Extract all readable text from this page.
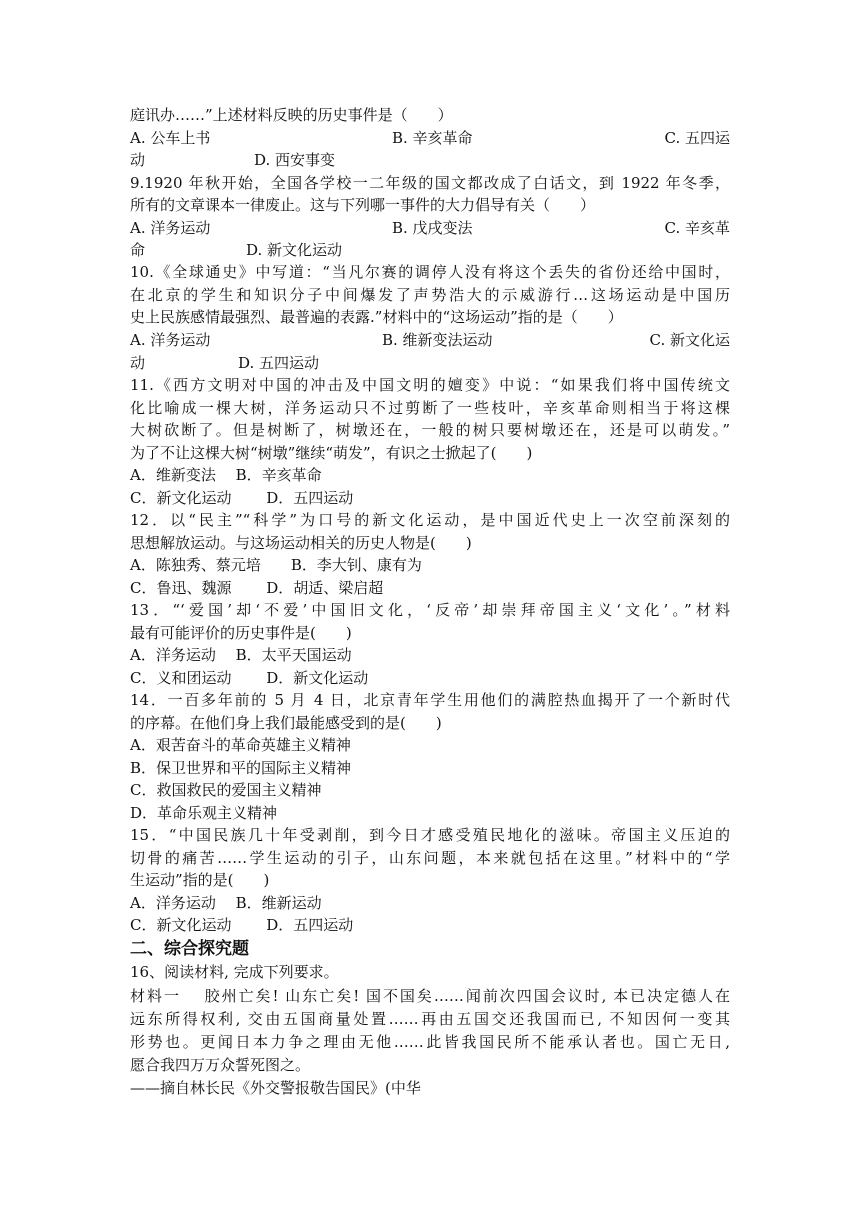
庭讯办……”上述材料反映的历史事件是（　　）
A. 公车上书	B. 辛亥革命	C. 五四运
动	D. 西安事变
9.1920 年秋开始，全国各学校一二年级的国文都改成了白话文，到 1922 年冬季，
所有的文章课本一律废止。这与下列哪一事件的大力倡导有关（　　）
A. 洋务运动	B. 戊戌变法	C. 辛亥革
命	D. 新文化运动
10.《全球通史》中写道：“当凡尔赛的调停人没有将这个丢失的省份还给中国时，
在北京的学生和知识分子中间爆发了声势浩大的示威游行…这场运动是中国历
史上民族感情最强烈、最普遍的表露.”材料中的“这场运动”指的是（　　）
A. 洋务运动	B. 维新变法运动	C. 新文化运
动	D. 五四运动
11.《西方文明对中国的冲击及中国文明的嬗变》中说：“如果我们将中国传统文
化比喻成一棵大树，洋务运动只不过剪断了一些枝叶，辛亥革命则相当于将这棵
大树砍断了。但是树断了，树墩还在，一般的树只要树墩还在，还是可以萌发。”
为了不让这棵大树“树墩”继续“萌发”，有识之士掀起了(　　)
A．维新变法　 B．辛亥革命
C．新文化运动　　 D．五四运动
12．以“民主”“科学”为口号的新文化运动，是中国近代史上一次空前深刻的
思想解放运动。与这场运动相关的历史人物是(　　)
A．陈独秀、蔡元培　　B．李大钊、康有为
C．鲁迅、魏源　　 D．胡适、梁启超
13．“‘爱国’却‘不爱’中国旧文化，‘反帝’却崇拜帝国主义‘文化’。”材料
最有可能评价的历史事件是(　　)
A．洋务运动　 B．太平天国运动
C．义和团运动　　 D．新文化运动
14．一百多年前的 5 月 4 日，北京青年学生用他们的满腔热血揭开了一个新时代
的序幕。在他们身上我们最能感受到的是(　　)
A．艰苦奋斗的革命英雄主义精神
B．保卫世界和平的国际主义精神
C．救国救民的爱国主义精神
D．革命乐观主义精神
15．“中国民族几十年受剥削，到今日才感受殖民地化的滋味。帝国主义压迫的
切骨的痛苦……学生运动的引子，山东问题，本来就包括在这里。”材料中的“学
生运动”指的是(　　)
A．洋务运动　 B．维新运动
C．新文化运动　　 D．五四运动
二、综合探究题
16、阅读材料, 完成下列要求。
材料一　 胶州亡矣! 山东亡矣! 国不国矣……闻前次四国会议时, 本已决定德人在
远东所得权利, 交由五国商量处置……再由五国交还我国而已, 不知因何一变其
形势也。更闻日本力争之理由无他……此皆我国民所不能承认者也。国亡无日,
愿合我四万万众誓死图之。
——摘自林长民《外交警报敬告国民》(中华
